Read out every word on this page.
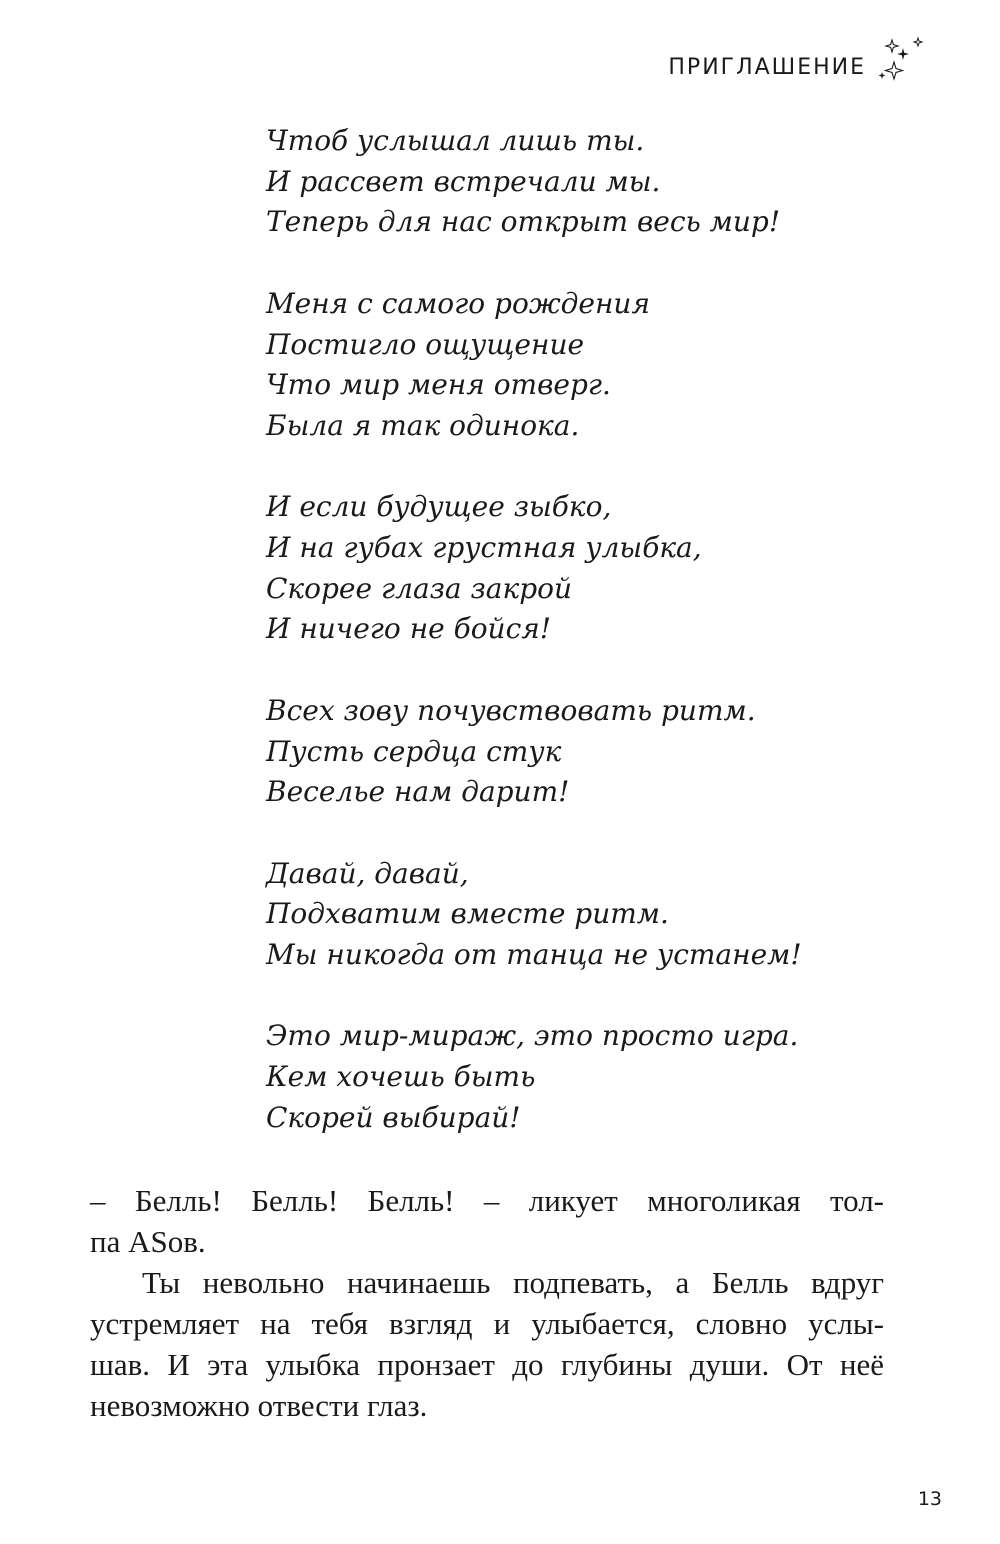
ПРИГЛАШЕНИЕ
Чтоб услышал лишь ты.
И рассвет встречали мы.
Теперь для нас открыт весь мир!
Меня с самого рождения
Постигло ощущение
Что мир меня отверг.
Была я так одинока.
И если будущее зыбко,
И на губах грустная улыбка,
Скорее глаза закрой
И ничего не бойся!
Всех зову почувствовать ритм.
Пусть сердца стук
Веселье нам дарит!
Давай, давай,
Подхватим вместе ритм.
Мы никогда от танца не устанем!
Это мир-мираж, это просто игра.
Кем хочешь быть
Скорей выбирай!
– Белль! Белль! Белль! – ликует многоликая тол-
па ASов.
Ты невольно начинаешь подпевать, а Белль вдруг
устремляет на тебя взгляд и улыбается, словно услы-
шав. И эта улыбка пронзает до глубины души. От неё
невозможно отвести глаз.
13
